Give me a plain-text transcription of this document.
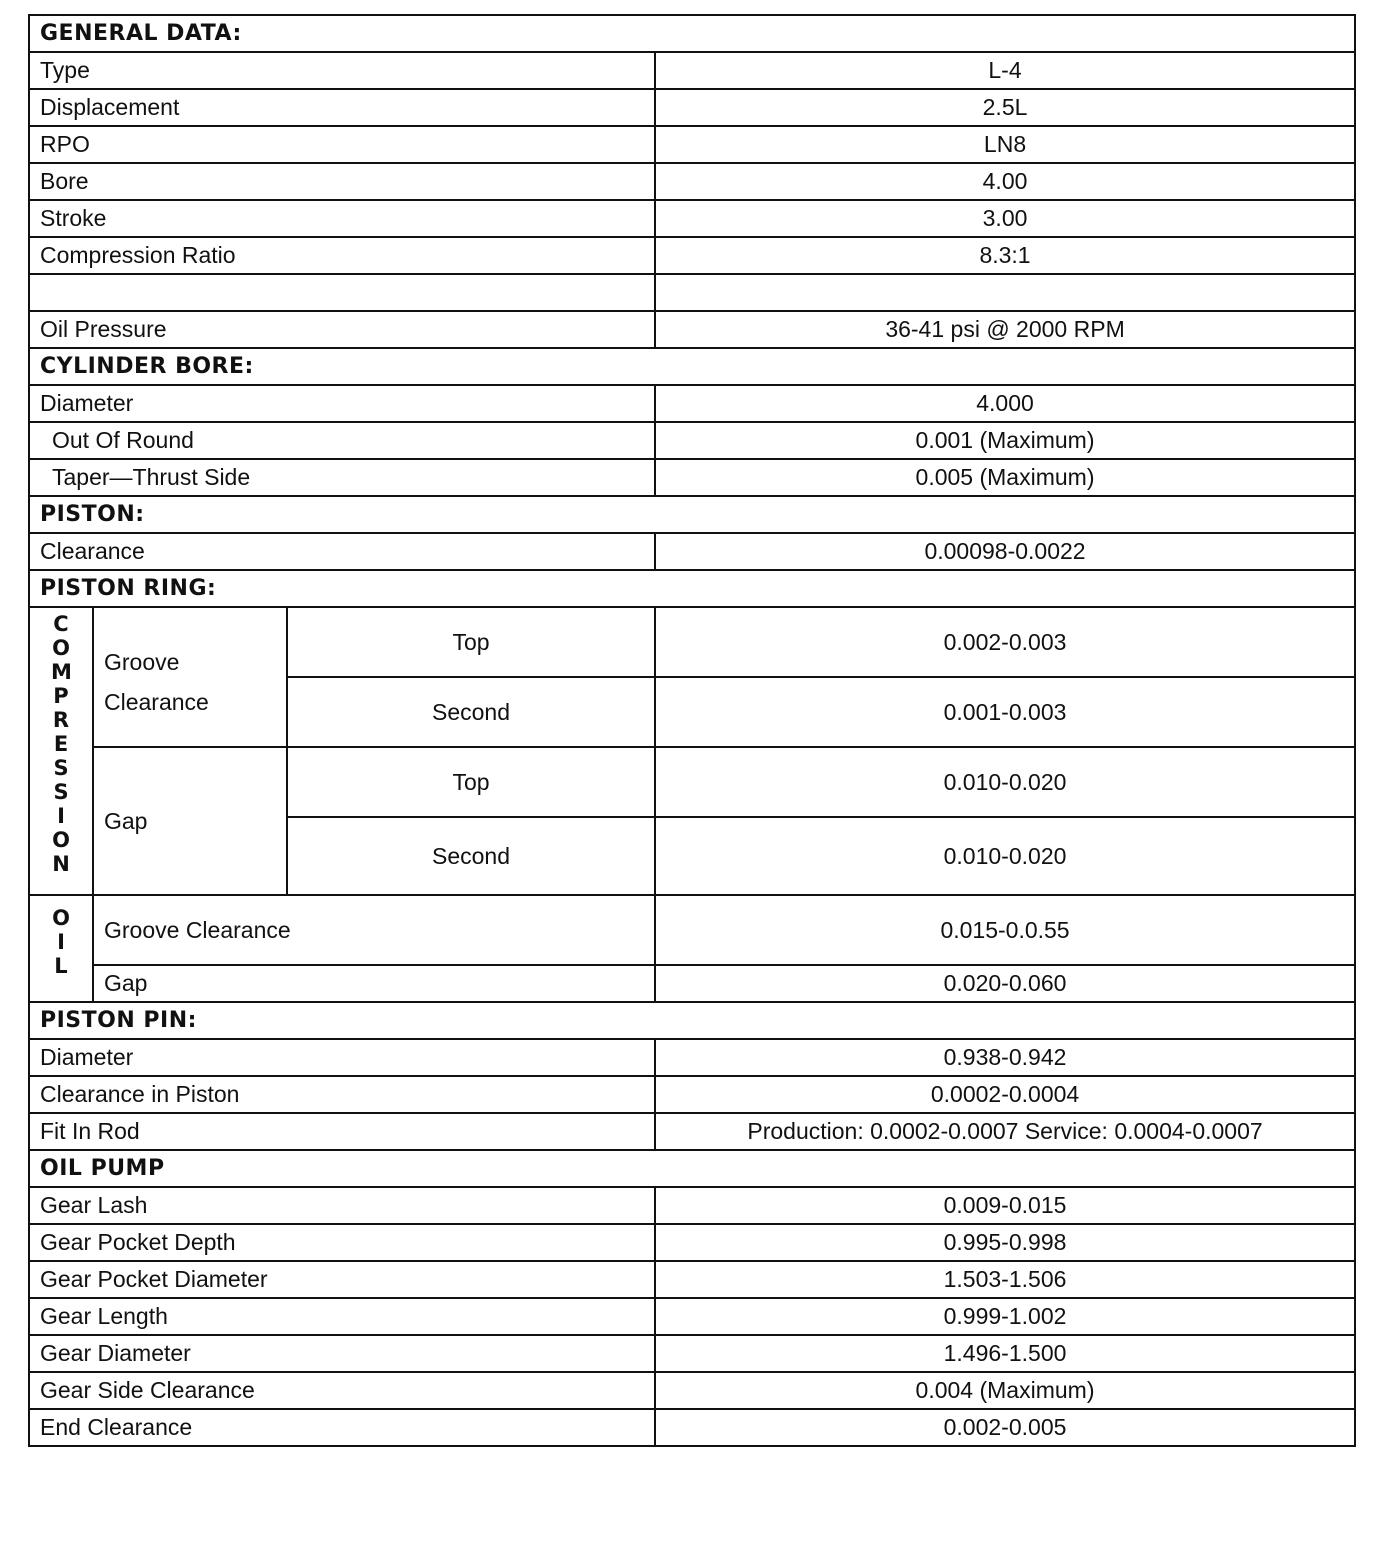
GENERAL DATA:			
Type			L-4
Displacement			2.5L
RPO			LN8
Bore			4.00
Stroke			3.00
Compression Ratio			8.3:1

Oil Pressure			36-41 psi @ 2000 RPM
CYLINDER BORE:			
Diameter			4.000
Out Of Round			0.001 (Maximum)
Taper—Thrust Side			0.005 (Maximum)
PISTON:			
Clearance			0.00098-0.0022
PISTON RING:			

COMPRESSION	Groove Clearance	Top	0.002-0.003
		Second	0.001-0.003
	Gap	Top	0.010-0.020
		Second	0.010-0.020

OIL	Groove Clearance		0.015-0.0.55
	Gap		0.020-0.060
PISTON PIN:			
Diameter			0.938-0.942
Clearance in Piston			0.0002-0.0004
Fit In Rod			Production: 0.0002-0.0007 Service: 0.0004-0.0007
OIL PUMP			
Gear Lash			0.009-0.015
Gear Pocket Depth			0.995-0.998
Gear Pocket Diameter			1.503-1.506
Gear Length			0.999-1.002
Gear Diameter			1.496-1.500
Gear Side Clearance			0.004 (Maximum)
End Clearance			0.002-0.005
